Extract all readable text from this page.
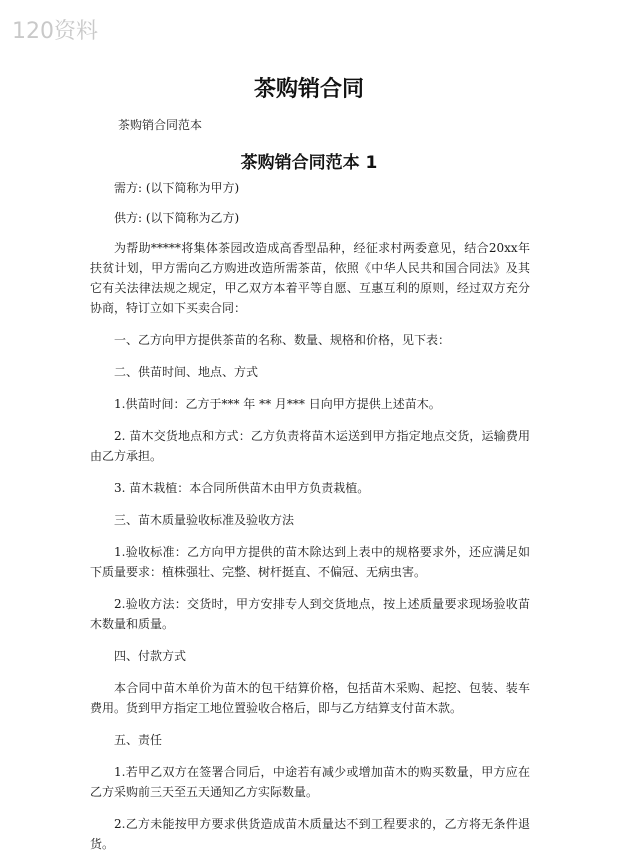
120资料
茶购销合同
茶购销合同范本
茶购销合同范本 1

需方: (以下简称为甲方)

供方: (以下简称为乙方)

为帮助*****将集体茶园改造成高香型品种，经征求村两委意见，结合20xx年扶贫计划，甲方需向乙方购进改造所需茶苗，依照《中华人民共和国合同法》及其它有关法律法规之规定，甲乙双方本着平等自愿、互惠互利的原则，经过双方充分协商，特订立如下买卖合同：

一、乙方向甲方提供茶苗的名称、数量、规格和价格，见下表：

二、供苗时间、地点、方式

1.供苗时间：乙方于*** 年 ** 月*** 日向甲方提供上述苗木。

2. 苗木交货地点和方式：乙方负责将苗木运送到甲方指定地点交货，运输费用由乙方承担。

3. 苗木栽植：本合同所供苗木由甲方负责栽植。

三、苗木质量验收标准及验收方法

1.验收标准：乙方向甲方提供的苗木除达到上表中的规格要求外，还应满足如下质量要求：植株强壮、完整、树杆挺直、不偏冠、无病虫害。

2.验收方法：交货时，甲方安排专人到交货地点，按上述质量要求现场验收苗木数量和质量。

四、付款方式

本合同中苗木单价为苗木的包干结算价格，包括苗木采购、起挖、包装、装车费用。货到甲方指定工地位置验收合格后，即与乙方结算支付苗木款。

五、责任

1.若甲乙双方在签署合同后，中途若有减少或增加苗木的购买数量，甲方应在乙方采购前三天至五天通知乙方实际数量。

2.乙方未能按甲方要求供货造成苗木质量达不到工程要求的，乙方将无条件退货。
